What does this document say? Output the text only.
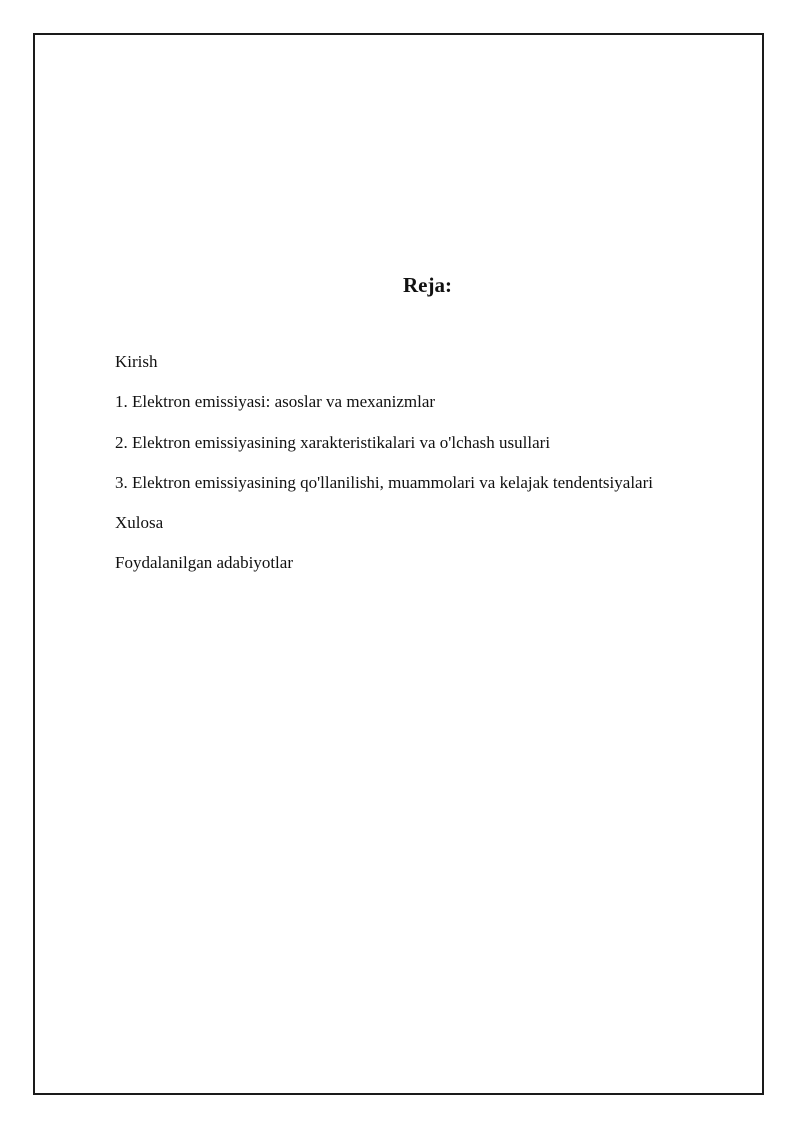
Reja:
Kirish
1. Elektron emissiyasi: asoslar va mexanizmlar
2. Elektron emissiyasining xarakteristikalari va o'lchash usullari
3. Elektron emissiyasining qo'llanilishi, muammolari va kelajak tendentsiyalari
Xulosa
Foydalanilgan adabiyotlar
